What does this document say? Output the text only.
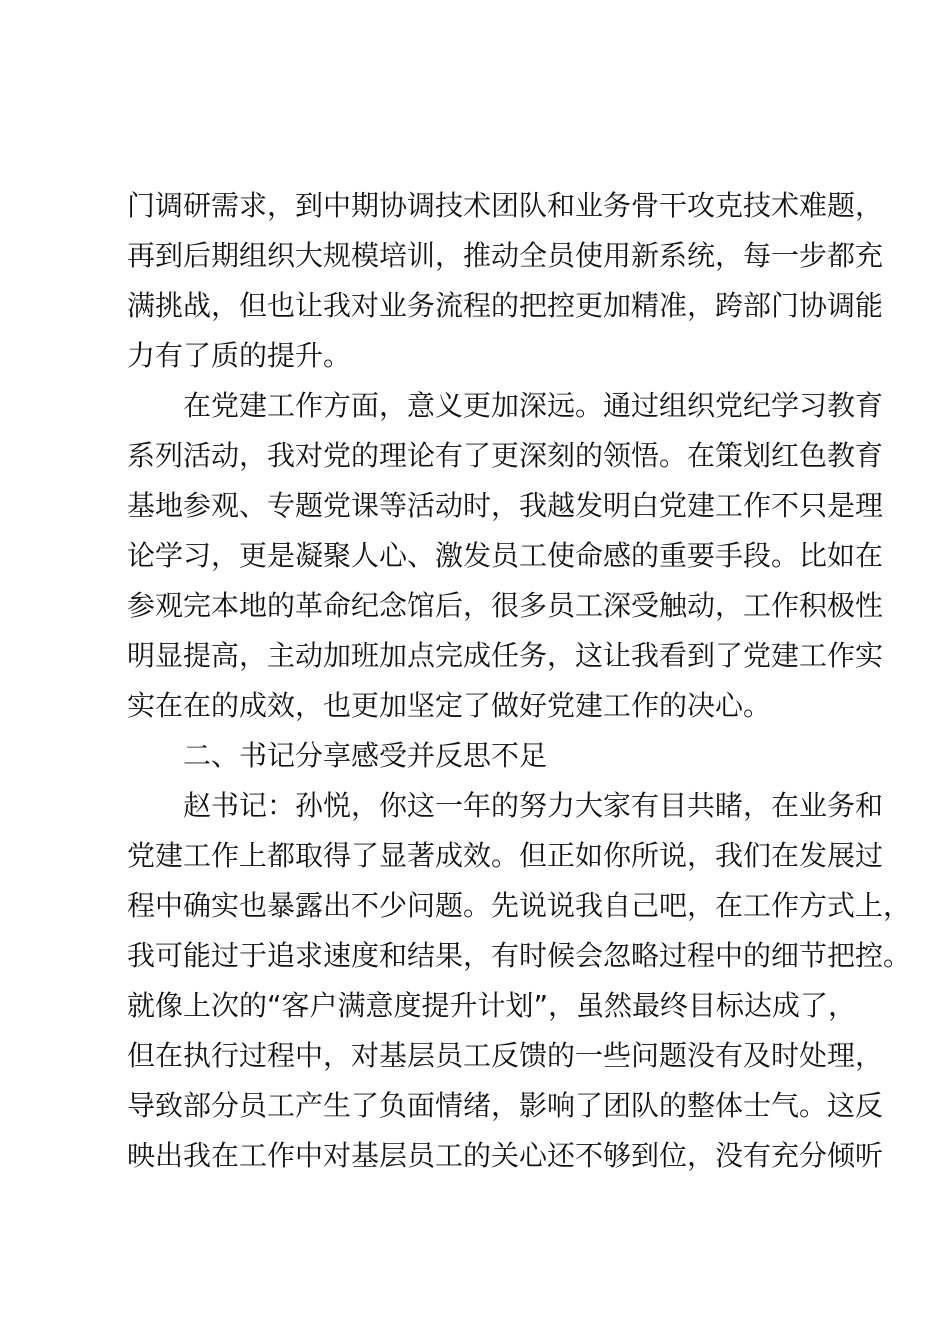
门调研需求，到中期协调技术团队和业务骨干攻克技术难题，
再到后期组织大规模培训，推动全员使用新系统，每一步都充
满挑战，但也让我对业务流程的把控更加精准，跨部门协调能
力有了质的提升。
在党建工作方面，意义更加深远。通过组织党纪学习教育
系列活动，我对党的理论有了更深刻的领悟。在策划红色教育
基地参观、专题党课等活动时，我越发明白党建工作不只是理
论学习，更是凝聚人心、激发员工使命感的重要手段。比如在
参观完本地的革命纪念馆后，很多员工深受触动，工作积极性
明显提高，主动加班加点完成任务，这让我看到了党建工作实
实在在的成效，也更加坚定了做好党建工作的决心。
二、书记分享感受并反思不足
赵书记：孙悦，你这一年的努力大家有目共睹，在业务和
党建工作上都取得了显著成效。但正如你所说，我们在发展过
程中确实也暴露出不少问题。先说说我自己吧，在工作方式上，
我可能过于追求速度和结果，有时候会忽略过程中的细节把控。
就像上次的“客户满意度提升计划”，虽然最终目标达成了，
但在执行过程中，对基层员工反馈的一些问题没有及时处理，
导致部分员工产生了负面情绪，影响了团队的整体士气。这反
映出我在工作中对基层员工的关心还不够到位，没有充分倾听
